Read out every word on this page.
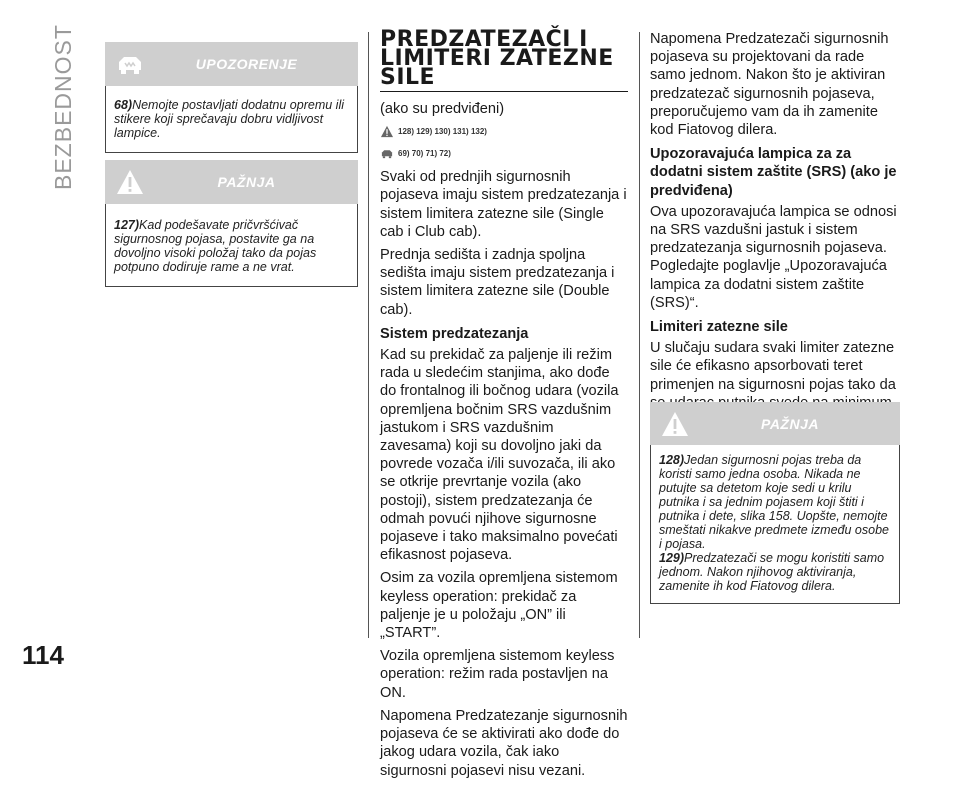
BEZBEDNOST
114
UPOZORENJE
68)Nemojte postavljati dodatnu opremu ili stikere koji sprečavaju dobru vidljivost lampice.
PAŽNJA
127)Kad podešavate pričvršćivač sigurnosnog pojasa, postavite ga na dovoljno visoki položaj tako da pojas potpuno dodiruje rame a ne vrat.
PREDZATEZAČI I LIMITERI ZATEZNE SILE
(ako su predviđeni)
128) 129) 130) 131) 132)
69) 70) 71) 72)

Svaki od prednjih sigurnosnih pojaseva imaju sistem predzatezanja i sistem limitera zatezne sile (Single cab i Club cab).

Prednja sedišta i zadnja spoljna sedišta imaju sistem predzatezanja i sistem limitera zatezne sile (Double cab).

Sistem predzatezanja

Kad su prekidač za paljenje ili režim rada u sledećim stanjima, ako dođe do frontalnog ili bočnog udara (vozila opremljena bočnim SRS vazdušnim jastukom i SRS vazdušnim zavesama) koji su dovoljno jaki da povrede vozača i/ili suvozača, ili ako se otkrije prevrtanje vozila (ako postoji), sistem predzatezanja će odmah povući njihove sigurnosne pojaseve i tako maksimalno povećati efikasnost pojaseva.

Osim za vozila opremljena sistemom keyless operation: prekidač za paljenje je u položaju „ON” ili „START”.

Vozila opremljena sistemom keyless operation: režim rada postavljen na ON.

Napomena Predzatezanje sigurnosnih pojaseva će se aktivirati ako dođe do jakog udara vozila, čak iako sigurnosni pojasevi nisu vezani.

Napomena Predzatezači sigurnosnih pojaseva su projektovani da rade samo jednom. Nakon što je aktiviran predzatezač sigurnosnih pojaseva, preporučujemo vam da ih zamenite kod Fiatovog dilera.

Upozoravajuća lampica za za dodatni sistem zaštite (SRS) (ako je predviđena)

Ova upozoravajuća lampica se odnosi na SRS vazdušni jastuk i sistem predzatezanja sigurnosnih pojaseva. Pogledajte poglavlje „Upozoravajuća lampica za dodatni sistem zaštite (SRS)“.

Limiteri zatezne sile

U slučaju sudara svaki limiter zatezne sile će efikasno apsorbovati teret primenjen na sigurnosni pojas tako da

PAŽNJA
128)Jedan sigurnosni pojas treba da koristi samo jedna osoba. Nikada ne putujte sa detetom koje sedi u krilu putnika i sa jednim pojasem koji štiti i putnika i dete, slika 158. Uopšte, nemojte smeštati nikakve predmete između osobe i pojasa.
129)Predzatezači se mogu koristiti samo jednom. Nakon njihovog aktiviranja, zamenite ih kod Fiatovog dilera.
